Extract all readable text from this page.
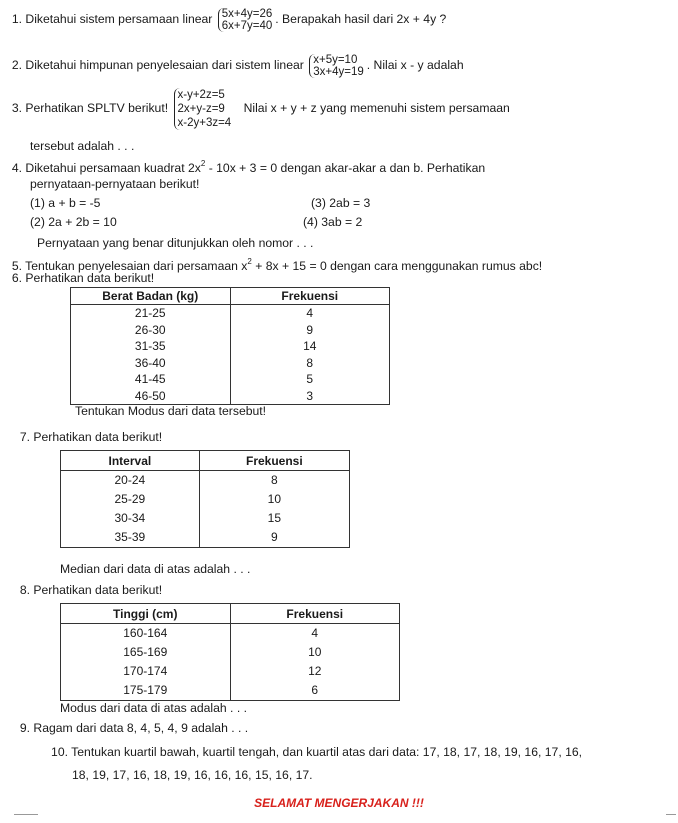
1. Diketahui sistem persamaan linear 5x+4y=26
6x+7y=40 . Berapakah hasil dari 2x + 4y ?
2. Diketahui himpunan penyelesaian dari sistem linear x+5y=10
3x+4y=19 . Nilai x - y adalah
3. Perhatikan SPLTV berikut! x-y+2z=5
2x+y-z=9
x-2y+3z=4 Nilai x + y + z yang memenuhi sistem persamaan
tersebut adalah . . .
4. Diketahui persamaan kuadrat $2x^2 - 10x + 3 = 0$ dengan akar-akar a dan b. Perhatikan
pernyataan-pernyataan berikut!
(1) a + b = -5	(3) 2ab = 3
(2) 2a + 2b = 10	(4) 3ab = 2
Pernyataan yang benar ditunjukkan oleh nomor . . .
5. Tentukan penyelesaian dari persamaan $x^2 + 8x + 15 = 0$ dengan cara menggunakan rumus abc!
6. Perhatikan data berikut!
Berat Badan (kg)	Frekuensi
21-25	4
26-30	9
31-35	14
36-40	8
41-45	5
46-50	3
Tentukan Modus dari data tersebut!
7. Perhatikan data berikut!
Interval	Frekuensi
20-24	8
25-29	10
30-34	15
35-39	9
Median dari data di atas adalah . . .
8. Perhatikan data berikut!
Tinggi (cm)	Frekuensi
160-164	4
165-169	10
170-174	12
175-179	6
Modus dari data di atas adalah . . .
9. Ragam dari data 8, 4, 5, 4, 9 adalah . . .
10. Tentukan kuartil bawah, kuartil tengah, dan kuartil atas dari data: 17, 18, 17, 18, 19, 16, 17, 16,
18, 19, 17, 16, 18, 19, 16, 16, 16, 15, 16, 17.
SELAMAT MENGERJAKAN !!!
